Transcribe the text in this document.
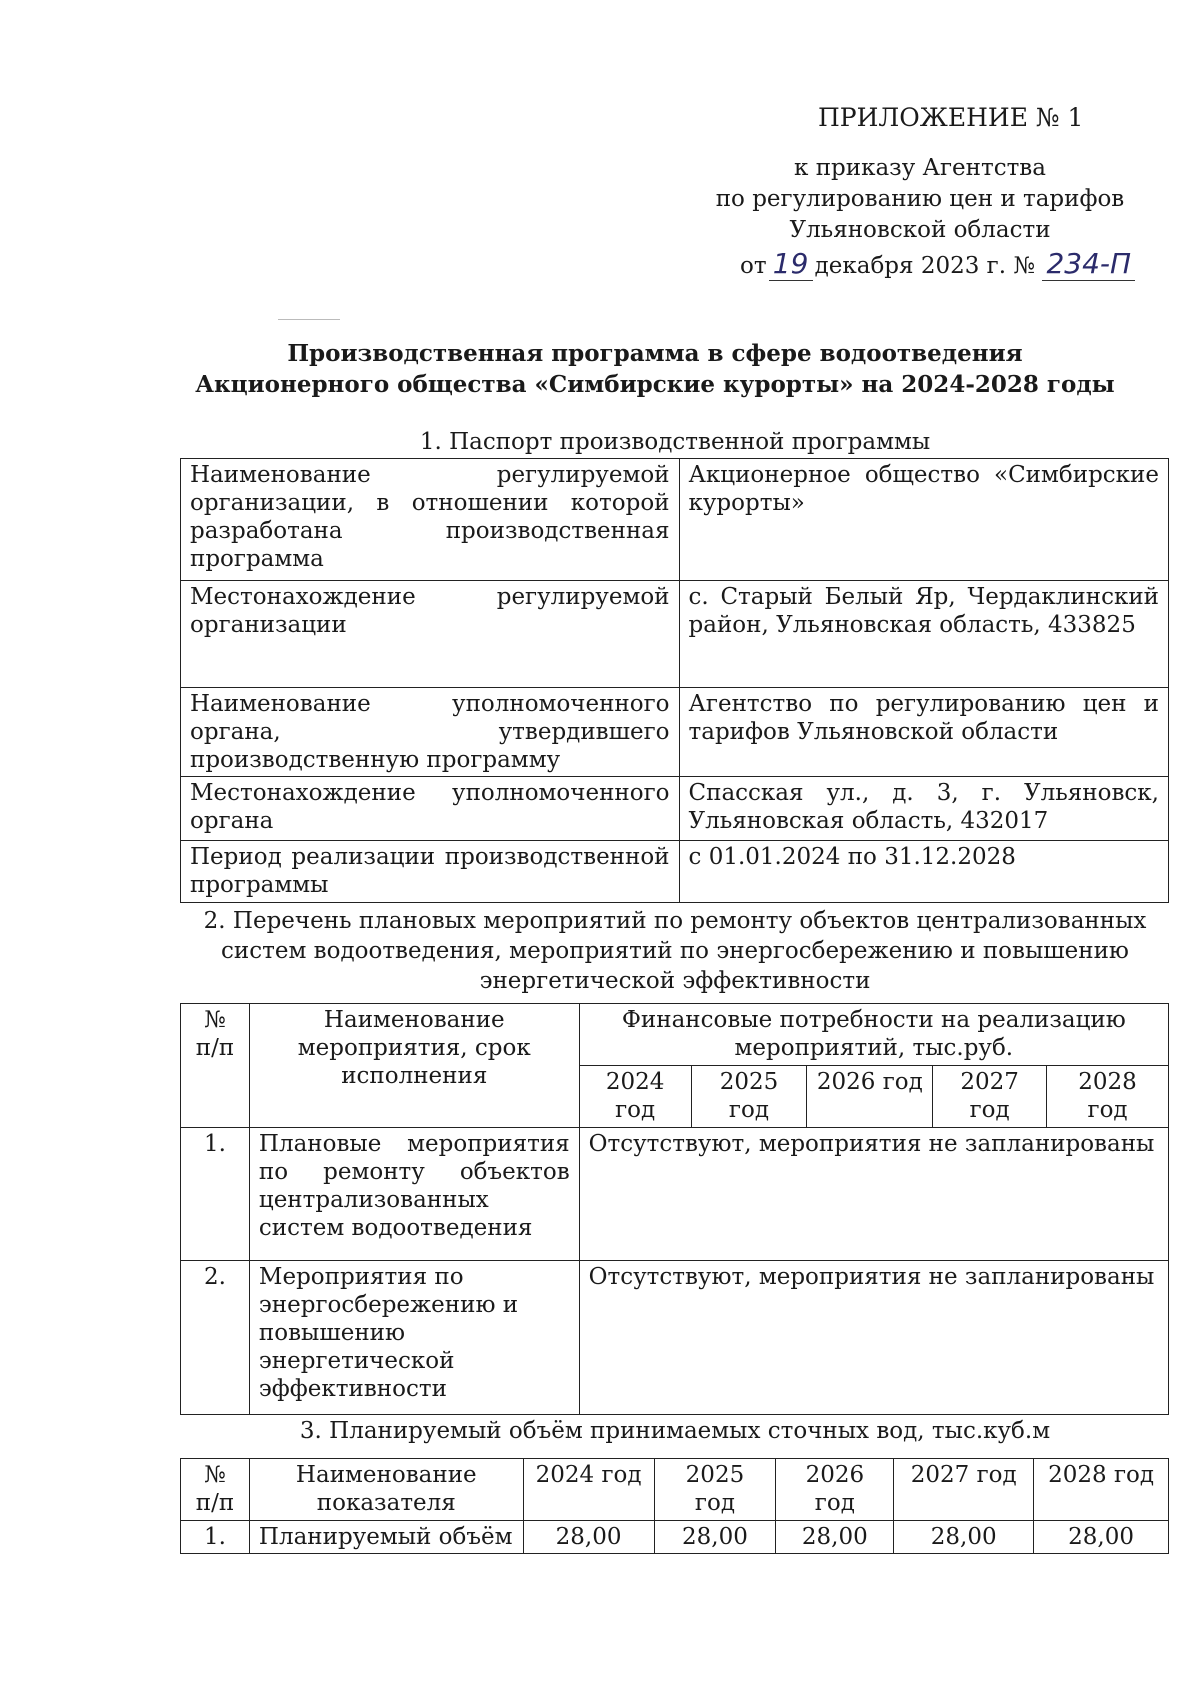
ПРИЛОЖЕНИЕ № 1
к приказу Агентства
по регулированию цен и тарифов
Ульяновской области
от 19 декабря 2023 г. № 234-П
Производственная программа в сфере водоотведения
Акционерного общества «Симбирские курорты» на 2024-2028 годы
1. Паспорт производственной программы
Наименование регулируемой организации, в отношении которой разработана производственная программа	Акционерное общество «Симбирские курорты»
Местонахождение регулируемой организации	с. Старый Белый Яр, Чердаклинский район, Ульяновская область, 433825
Наименование уполномоченного органа, утвердившего производственную программу	Агентство по регулированию цен и тарифов Ульяновской области
Местонахождение уполномоченного органа	Спасская ул., д. 3, г. Ульяновск, Ульяновская область, 432017
Период реализации производственной программы	с 01.01.2024 по 31.12.2028
2. Перечень плановых мероприятий по ремонту объектов централизованных
систем водоотведения, мероприятий по энергосбережению и повышению
энергетической эффективности
№ п/п	Наименование мероприятия, срок исполнения	Финансовые потребности на реализацию мероприятий, тыс.руб.				
		2024 год	2025 год	2026 год	2027 год	2028 год
1.	Плановые мероприятия по ремонту объектов централизованных систем водоотведения	Отсутствуют, мероприятия не запланированы				
2.	Мероприятия по энергосбережению и повышению энергетической эффективности	Отсутствуют, мероприятия не запланированы				
3. Планируемый объём принимаемых сточных вод, тыс.куб.м
№ п/п	Наименование показателя	2024 год	2025 год	2026 год	2027 год	2028 год
1.	Планируемый объём	28,00	28,00	28,00	28,00	28,00
